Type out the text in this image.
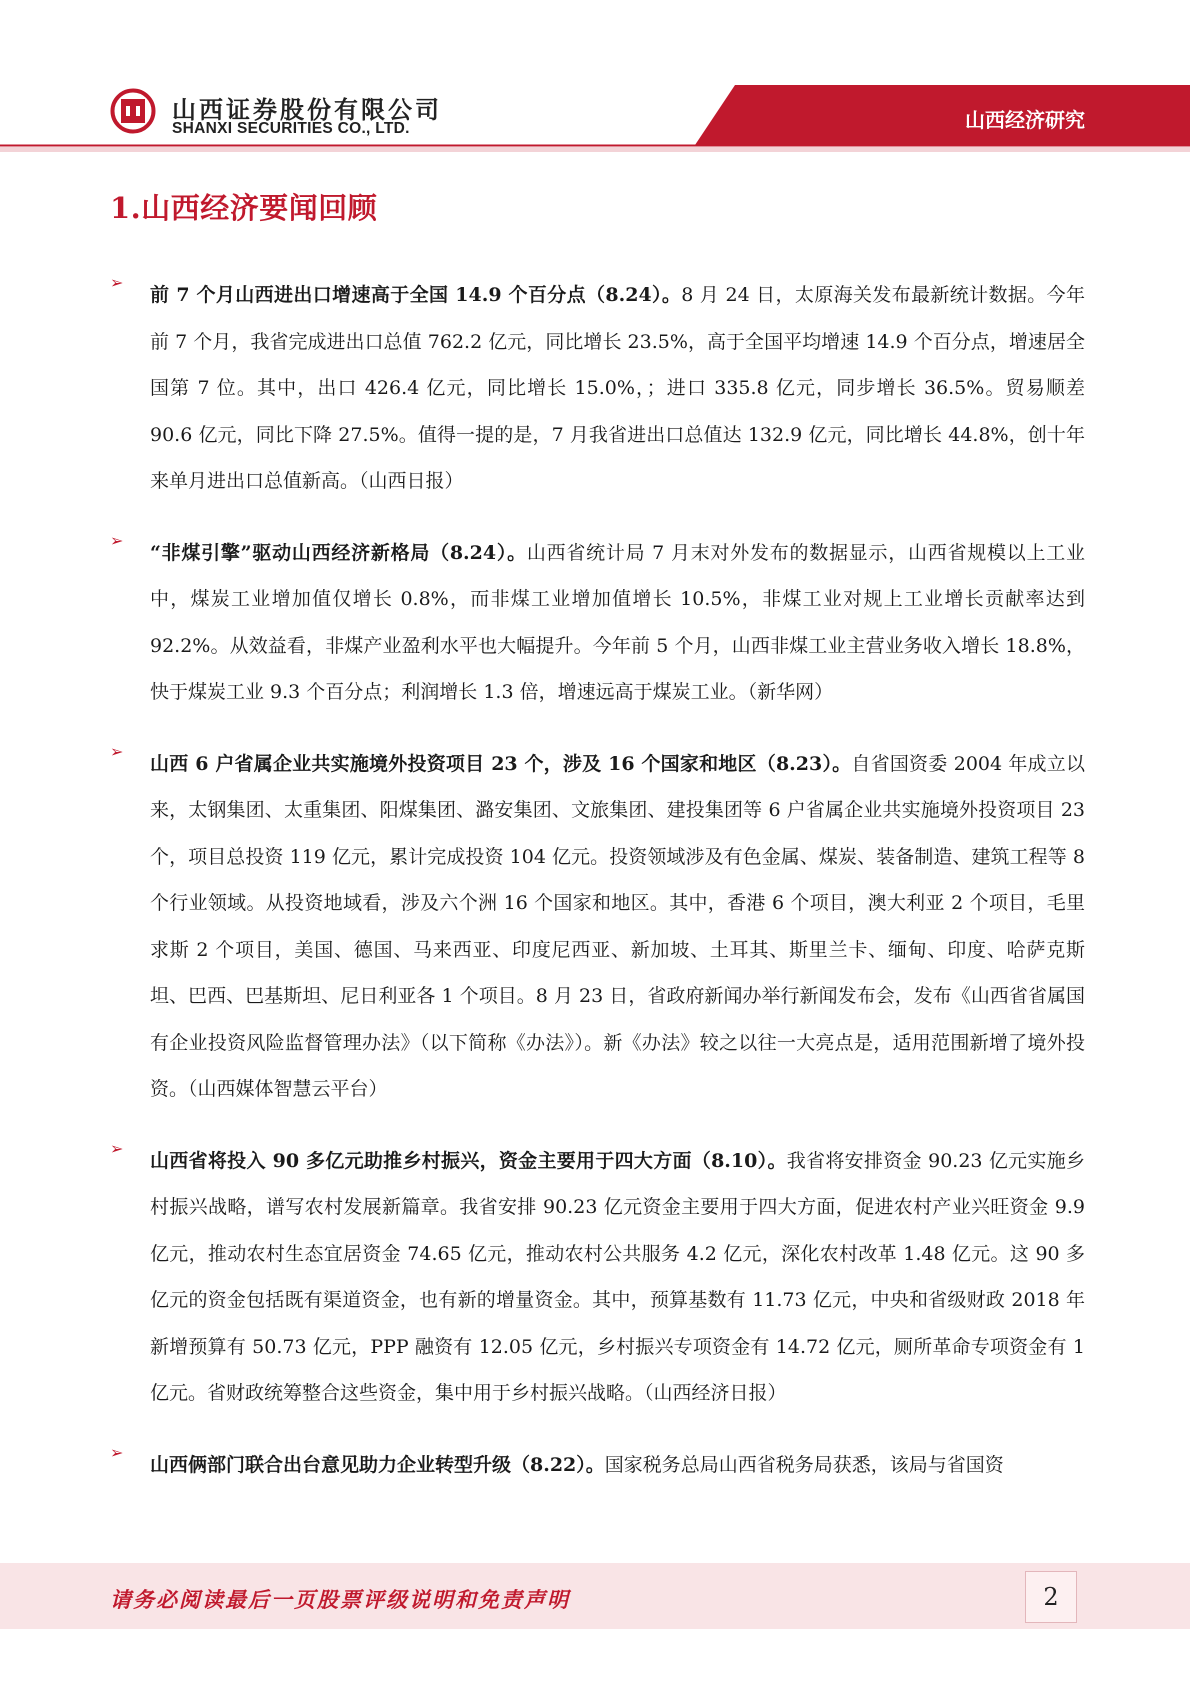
山西证券股份有限公司
SHANXI SECURITIES CO., LTD.	山西经济研究
1.山西经济要闻回顾
➢

前 7 个月山西进出口增速高于全国 14.9 个百分点（8.24）。8 月 24 日，太原海关发布最新统计数据。今年前 7 个月，我省完成进出口总值 762.2 亿元，同比增长 23.5%，高于全国平均增速 14.9 个百分点，增速居全国第 7 位。其中，出口 426.4 亿元，同比增长 15.0%，；进口 335.8 亿元，同步增长 36.5%。贸易顺差 90.6 亿元，同比下降 27.5%。值得一提的是，7 月我省进出口总值达 132.9 亿元，同比增长 44.8%，创十年来单月进出口总值新高。（山西日报）

➢

“非煤引擎”驱动山西经济新格局（8.24）。山西省统计局 7 月末对外发布的数据显示，山西省规模以上工业中，煤炭工业增加值仅增长 0.8%，而非煤工业增加值增长 10.5%，非煤工业对规上工业增长贡献率达到 92.2%。从效益看，非煤产业盈利水平也大幅提升。今年前 5 个月，山西非煤工业主营业务收入增长 18.8%，快于煤炭工业 9.3 个百分点；利润增长 1.3 倍，增速远高于煤炭工业。（新华网）

➢

山西 6 户省属企业共实施境外投资项目 23 个，涉及 16 个国家和地区（8.23）。自省国资委 2004 年成立以来，太钢集团、太重集团、阳煤集团、潞安集团、文旅集团、建投集团等 6 户省属企业共实施境外投资项目 23 个，项目总投资 119 亿元，累计完成投资 104 亿元。投资领域涉及有色金属、煤炭、装备制造、建筑工程等 8 个行业领域。从投资地域看，涉及六个洲 16 个国家和地区。其中，香港 6 个项目，澳大利亚 2 个项目，毛里求斯 2 个项目，美国、德国、马来西亚、印度尼西亚、新加坡、土耳其、斯里兰卡、缅甸、印度、哈萨克斯坦、巴西、巴基斯坦、尼日利亚各 1 个项目。8 月 23 日，省政府新闻办举行新闻发布会，发布《山西省省属国有企业投资风险监督管理办法》（以下简称《办法》）。新《办法》较之以往一大亮点是，适用范围新增了境外投资。（山西媒体智慧云平台）

➢

山西省将投入 90 多亿元助推乡村振兴，资金主要用于四大方面（8.10）。我省将安排资金 90.23 亿元实施乡村振兴战略，谱写农村发展新篇章。我省安排 90.23 亿元资金主要用于四大方面，促进农村产业兴旺资金 9.9 亿元，推动农村生态宜居资金 74.65 亿元，推动农村公共服务 4.2 亿元，深化农村改革 1.48 亿元。这 90 多亿元的资金包括既有渠道资金，也有新的增量资金。其中，预算基数有 11.73 亿元，中央和省级财政 2018 年新增预算有 50.73 亿元，PPP 融资有 12.05 亿元，乡村振兴专项资金有 14.72 亿元，厕所革命专项资金有 1 亿元。省财政统筹整合这些资金，集中用于乡村振兴战略。（山西经济日报）

➢

山西俩部门联合出台意见助力企业转型升级（8.22）。国家税务总局山西省税务局获悉，该局与省国资

请务必阅读最后一页股票评级说明和免责声明	2
